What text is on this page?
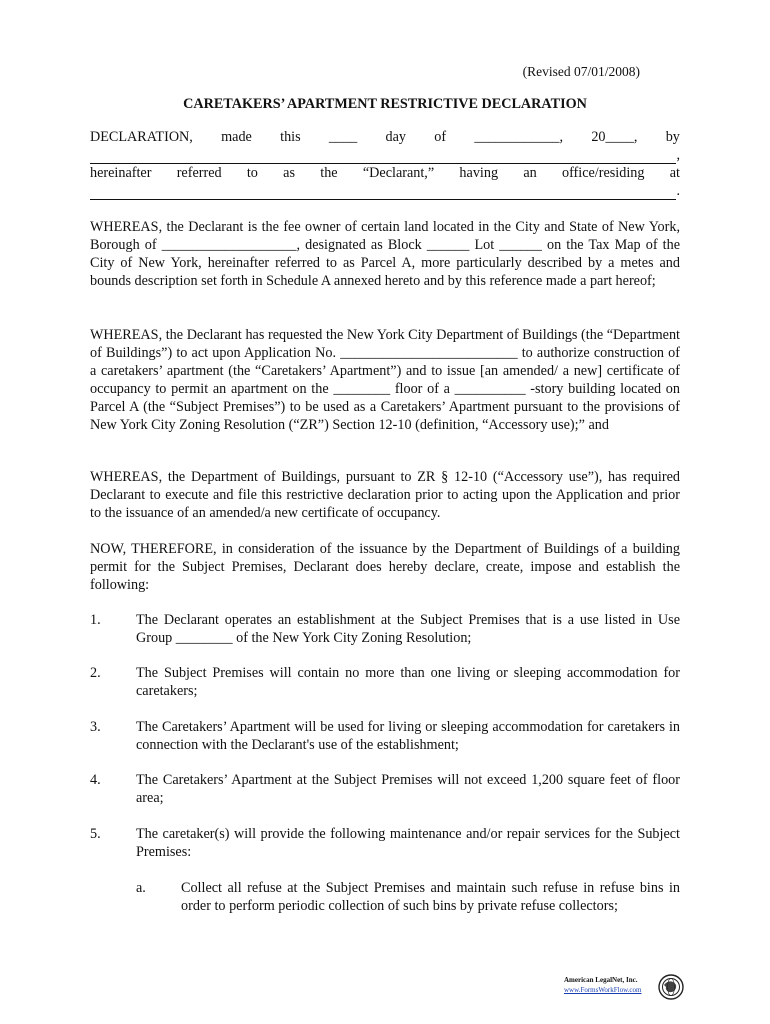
(Revised 07/01/2008)
CARETAKERS’ APARTMENT RESTRICTIVE DECLARATION
DECLARATION, made this ____ day of ____________, 20____, by
,
hereinafter referred to as the “Declarant,” having an office/residing at
.

WHEREAS, the Declarant is the fee owner of certain land located in the City and State of New York, Borough of ___________________, designated as Block ______ Lot ______ on the Tax Map of the City of New York, hereinafter referred to as Parcel A, more particularly described by a metes and bounds description set forth in Schedule A annexed hereto and by this reference made a part hereof;

WHEREAS, the Declarant has requested the New York City Department of Buildings (the “Department of Buildings”) to act upon Application No. _________________________ to authorize construction of a caretakers’ apartment (the “Caretakers’ Apartment”) and to issue [an amended/ a new] certificate of occupancy to permit an apartment on the ________ floor of a __________ -story building located on Parcel A (the “Subject Premises”) to be used as a Caretakers’ Apartment pursuant to the provisions of New York City Zoning Resolution (“ZR”) Section 12-10 (definition, “Accessory use);” and

WHEREAS, the Department of Buildings, pursuant to ZR § 12-10 (“Accessory use”), has required Declarant to execute and file this restrictive declaration prior to acting upon the Application and prior to the issuance of an amended/a new certificate of occupancy.

NOW, THEREFORE, in consideration of the issuance by the Department of Buildings of a building permit for the Subject Premises, Declarant does hereby declare, create, impose and establish the following:

1. The Declarant operates an establishment at the Subject Premises that is a use listed in Use Group ________ of the New York City Zoning Resolution;
2. The Subject Premises will contain no more than one living or sleeping accommodation for caretakers;
3. The Caretakers’ Apartment will be used for living or sleeping accommodation for caretakers in connection with the Declarant's use of the establishment;
4. The Caretakers’ Apartment at the Subject Premises will not exceed 1,200 square feet of floor area;
5. The caretaker(s) will provide the following maintenance and/or repair services for the Subject Premises:
a. Collect all refuse at the Subject Premises and maintain such refuse in refuse bins in order to perform periodic collection of such bins by private refuse collectors;
American LegalNet, Inc.
www.FormsWorkFlow.com
